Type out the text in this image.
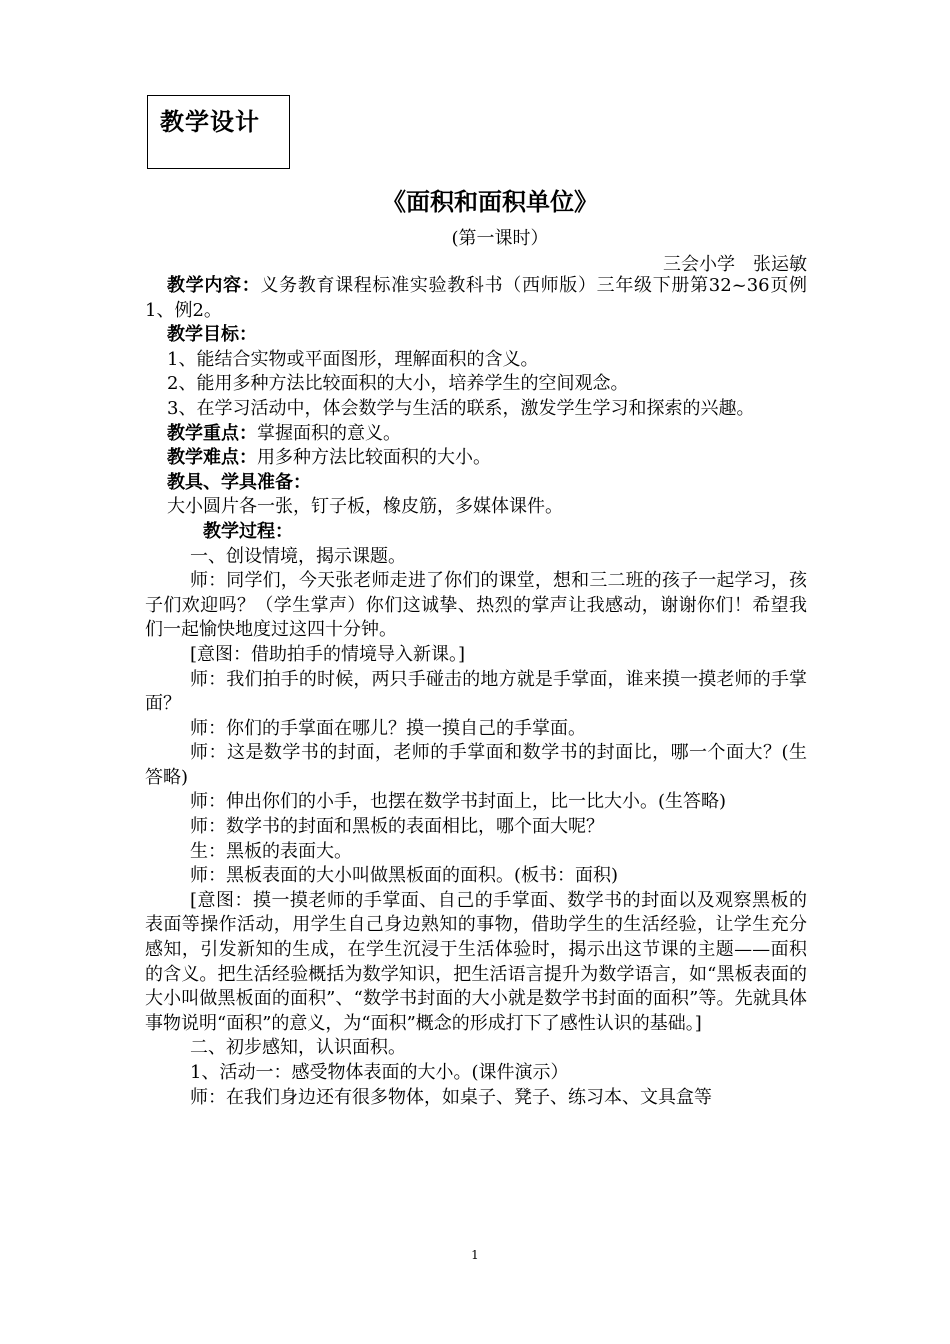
教学设计
《面积和面积单位》
(第一课时）
三会小学　张运敏

教学内容：义务教育课程标准实验教科书（西师版）三年级下册第32~36页例1、例2。

教学目标：

1、能结合实物或平面图形，理解面积的含义。

2、能用多种方法比较面积的大小，培养学生的空间观念。

3、在学习活动中，体会数学与生活的联系，激发学生学习和探索的兴趣。

教学重点：掌握面积的意义。

教学难点：用多种方法比较面积的大小。

教具、学具准备：

大小圆片各一张，钉子板，橡皮筋，多媒体课件。

教学过程：

一、创设情境，揭示课题。

师：同学们，今天张老师走进了你们的课堂，想和三二班的孩子一起学习，孩子们欢迎吗？（学生掌声）你们这诚挚、热烈的掌声让我感动，谢谢你们！希望我们一起愉快地度过这四十分钟。

[意图：借助拍手的情境导入新课。]

师：我们拍手的时候，两只手碰击的地方就是手掌面，谁来摸一摸老师的手掌面？

师：你们的手掌面在哪儿？摸一摸自己的手掌面。

师：这是数学书的封面，老师的手掌面和数学书的封面比，哪一个面大？(生答略)

师：伸出你们的小手，也摆在数学书封面上，比一比大小。(生答略)

师：数学书的封面和黑板的表面相比，哪个面大呢？

生：黑板的表面大。

师：黑板表面的大小叫做黑板面的面积。(板书：面积)

[意图：摸一摸老师的手掌面、自己的手掌面、数学书的封面以及观察黑板的表面等操作活动，用学生自己身边熟知的事物，借助学生的生活经验，让学生充分感知，引发新知的生成，在学生沉浸于生活体验时，揭示出这节课的主题——面积的含义。把生活经验概括为数学知识，把生活语言提升为数学语言，如“黑板表面的大小叫做黑板面的面积”、“数学书封面的大小就是数学书封面的面积”等。先就具体事物说明“面积”的意义，为“面积”概念的形成打下了感性认识的基础。]

二、初步感知，认识面积。

1、活动一：感受物体表面的大小。(课件演示）

师：在我们身边还有很多物体，如桌子、凳子、练习本、文具盒等

1
